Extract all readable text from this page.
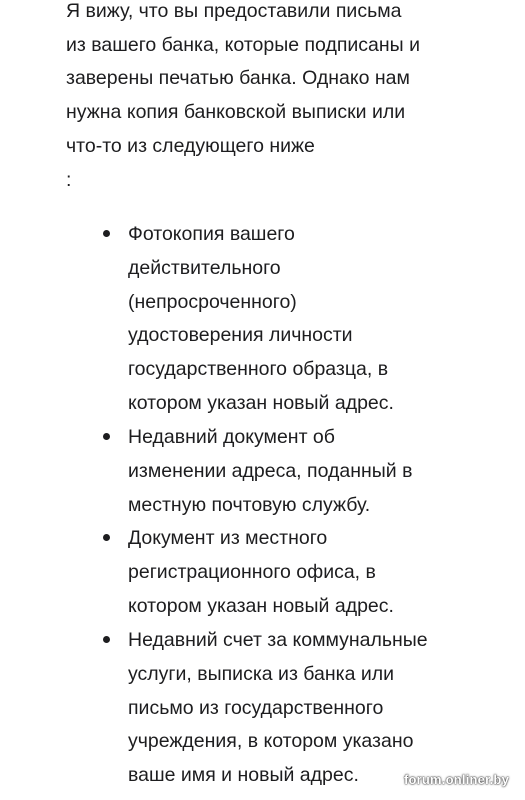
Я вижу, что вы предоставили письма

из вашего банка, которые подписаны и

заверены печатью банка. Однако нам

нужна копия банковской выписки или

что-то из следующего ниже

:

Фотокопия вашего

действительного

(непросроченного)

удостоверения личности

государственного образца, в

котором указан новый адрес.

Недавний документ об

изменении адреса, поданный в

местную почтовую службу.

Документ из местного

регистрационного офиса, в

котором указан новый адрес.

Недавний счет за коммунальные

услуги, выписка из банка или

письмо из государственного

учреждения, в котором указано

ваше имя и новый адрес.	forum.onliner.by
